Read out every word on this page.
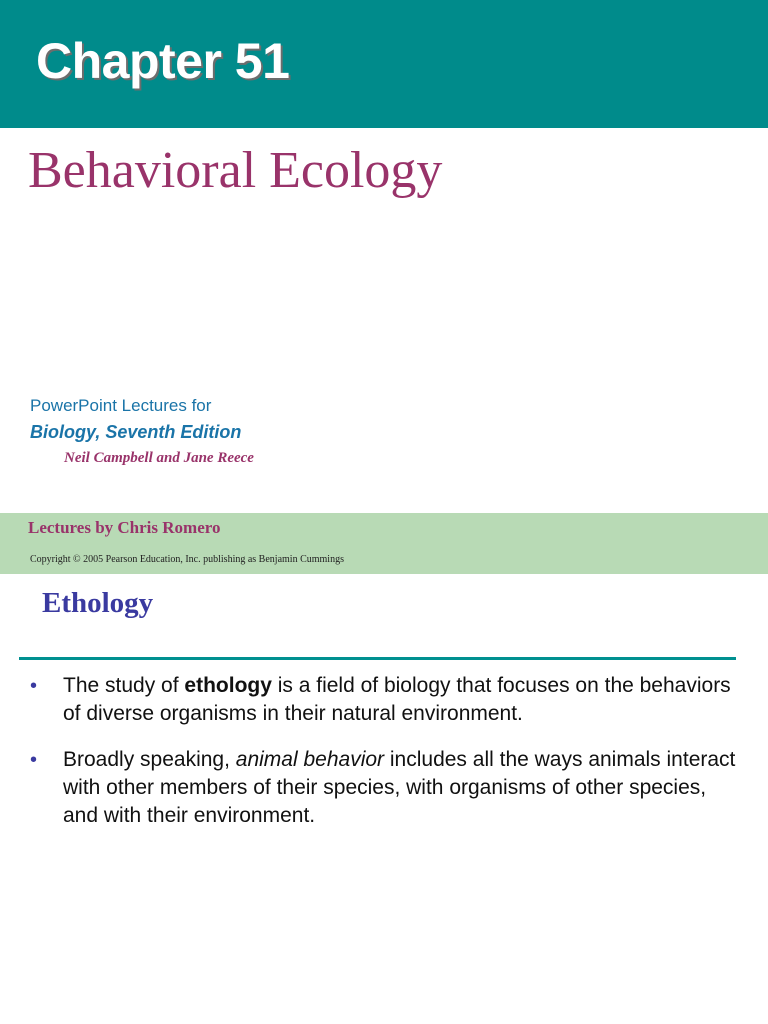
Chapter 51
Behavioral Ecology
PowerPoint Lectures for
Biology, Seventh Edition
Neil Campbell and Jane Reece
Lectures by Chris Romero
Copyright © 2005 Pearson Education, Inc. publishing as Benjamin Cummings
Ethology
• The study of ethology is a field of biology that focuses on the behaviors of diverse organisms in their natural environment.
• Broadly speaking, animal behavior includes all the ways animals interact with other members of their species, with organisms of other species, and with their environment.
